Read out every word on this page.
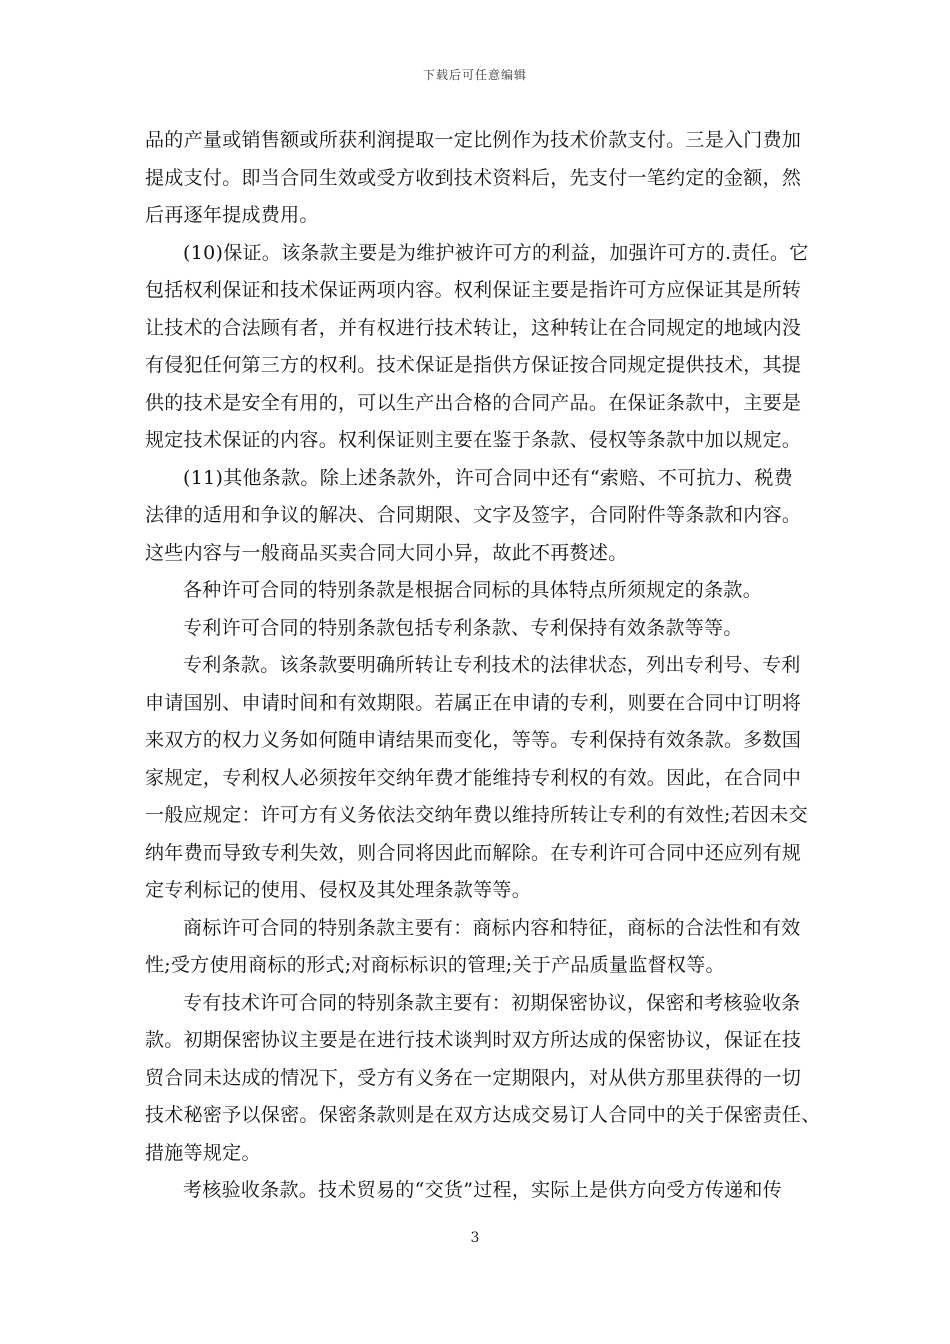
下载后可任意编辑
品的产量或销售额或所获利润提取一定比例作为技术价款支付。三是入门费加
提成支付。即当合同生效或受方收到技术资料后，先支付一笔约定的金额，然
后再逐年提成费用。
(10)保证。该条款主要是为维护被许可方的利益，加强许可方的.责任。它
包括权利保证和技术保证两项内容。权利保证主要是指许可方应保证其是所转
让技术的合法顾有者，并有权进行技术转让，这种转让在合同规定的地域内没
有侵犯任何第三方的权利。技术保证是指供方保证按合同规定提供技术，其提
供的技术是安全有用的，可以生产出合格的合同产品。在保证条款中，主要是
规定技术保证的内容。权利保证则主要在鉴于条款、侵权等条款中加以规定。
(11)其他条款。除上述条款外，许可合同中还有“索赔、不可抗力、税费
法律的适用和争议的解决、合同期限、文字及签字，合同附件等条款和内容。
这些内容与一般商品买卖合同大同小异，故此不再赘述。
各种许可合同的特别条款是根据合同标的具体特点所须规定的条款。
专利许可合同的特别条款包括专利条款、专利保持有效条款等等。
专利条款。该条款要明确所转让专利技术的法律状态，列出专利号、专利
申请国别、申请时间和有效期限。若属正在申请的专利，则要在合同中订明将
来双方的权力义务如何随申请结果而变化，等等。专利保持有效条款。多数国
家规定，专利权人必须按年交纳年费才能维持专利权的有效。因此，在合同中
一般应规定：许可方有义务依法交纳年费以维持所转让专利的有效性;若因未交
纳年费而导致专利失效，则合同将因此而解除。在专利许可合同中还应列有规
定专利标记的使用、侵权及其处理条款等等。
商标许可合同的特别条款主要有：商标内容和特征，商标的合法性和有效
性;受方使用商标的形式;对商标标识的管理;关于产品质量监督权等。
专有技术许可合同的特别条款主要有：初期保密协议，保密和考核验收条
款。初期保密协议主要是在进行技术谈判时双方所达成的保密协议，保证在技
贸合同未达成的情况下，受方有义务在一定期限内，对从供方那里获得的一切
技术秘密予以保密。保密条款则是在双方达成交易订人合同中的关于保密责任、
措施等规定。
考核验收条款。技术贸易的“交货”过程，实际上是供方向受方传递和传
3
